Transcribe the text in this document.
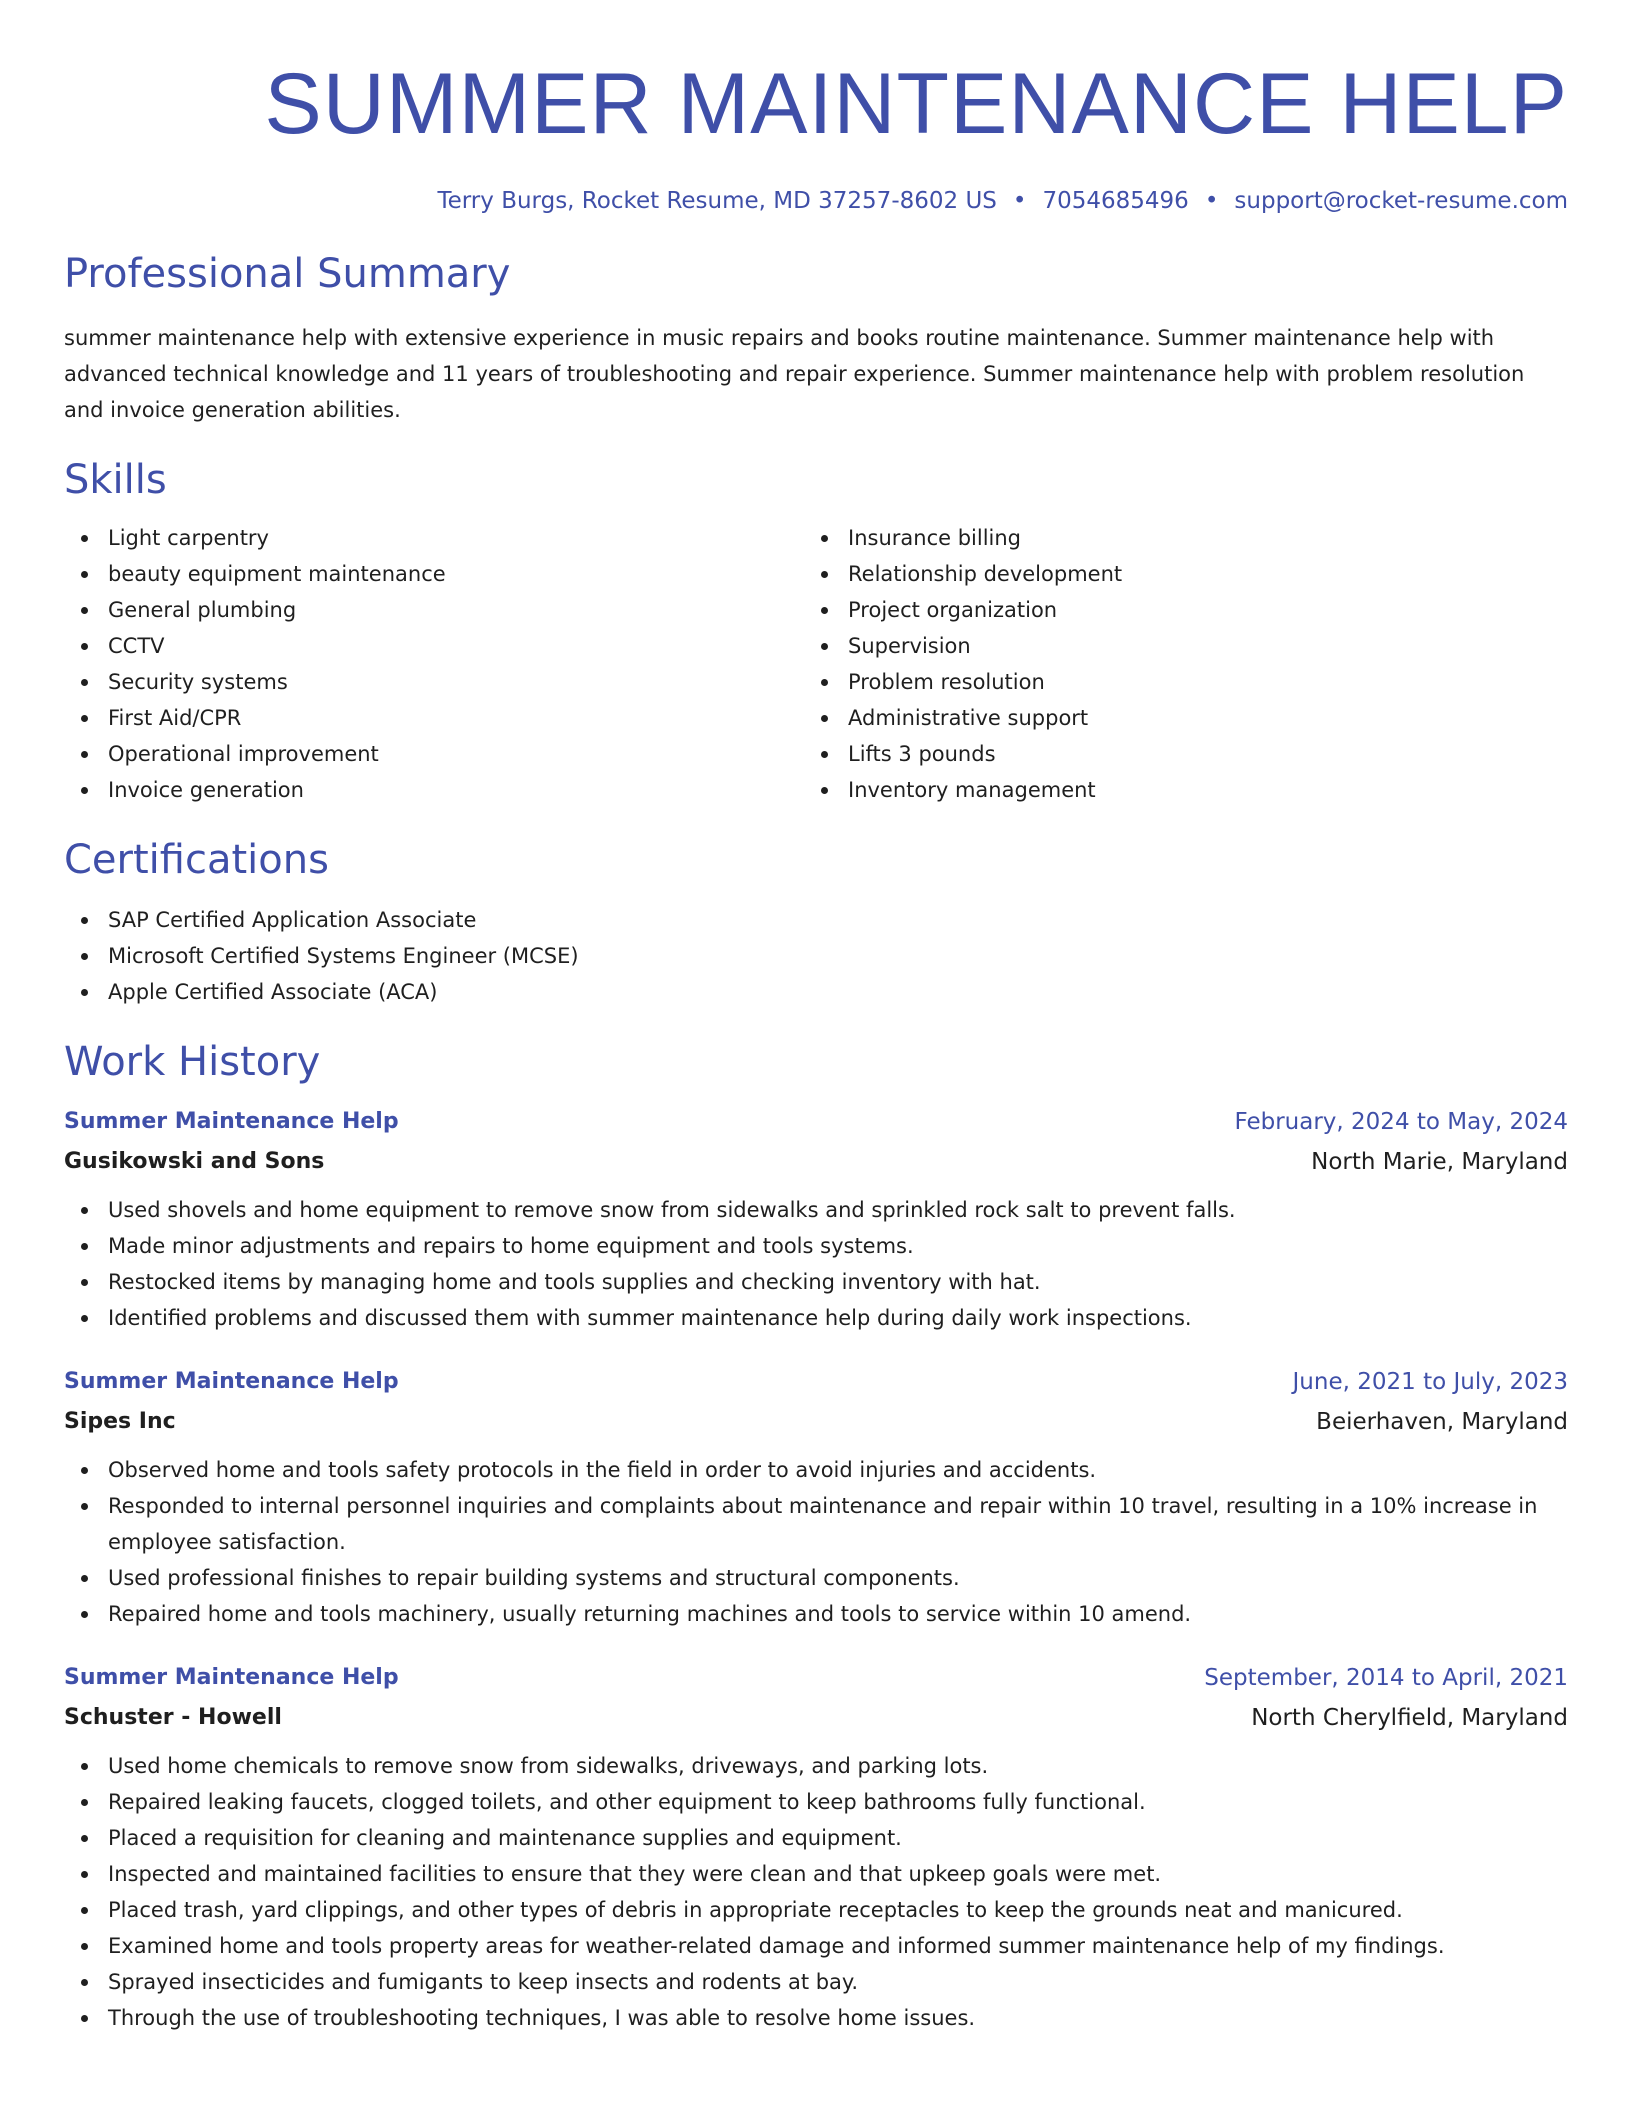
SUMMER MAINTENANCE HELP
Terry Burgs, Rocket Resume, MD 37257-8602 US • 7054685496 • support@rocket-resume.com
Professional Summary

summer maintenance help with extensive experience in music repairs and books routine maintenance. Summer maintenance help with advanced technical knowledge and 11 years of troubleshooting and repair experience. Summer maintenance help with problem resolution and invoice generation abilities.

Skills
Light carpentry
beauty equipment maintenance
General plumbing
CCTV
Security systems
First Aid/CPR
Operational improvement
Invoice generation
Insurance billing
Relationship development
Project organization
Supervision
Problem resolution
Administrative support
Lifts 3 pounds
Inventory management
Certifications
SAP Certified Application Associate
Microsoft Certified Systems Engineer (MCSE)
Apple Certified Associate (ACA)
Work History
Summer Maintenance Help	February, 2024 to May, 2024
Gusikowski and Sons	North Marie, Maryland
Used shovels and home equipment to remove snow from sidewalks and sprinkled rock salt to prevent falls.
Made minor adjustments and repairs to home equipment and tools systems.
Restocked items by managing home and tools supplies and checking inventory with hat.
Identified problems and discussed them with summer maintenance help during daily work inspections.
Summer Maintenance Help	June, 2021 to July, 2023
Sipes Inc	Beierhaven, Maryland
Observed home and tools safety protocols in the field in order to avoid injuries and accidents.
Responded to internal personnel inquiries and complaints about maintenance and repair within 10 travel, resulting in a 10% increase in employee satisfaction.
Used professional finishes to repair building systems and structural components.
Repaired home and tools machinery, usually returning machines and tools to service within 10 amend.
Summer Maintenance Help	September, 2014 to April, 2021
Schuster - Howell	North Cherylfield, Maryland
Used home chemicals to remove snow from sidewalks, driveways, and parking lots.
Repaired leaking faucets, clogged toilets, and other equipment to keep bathrooms fully functional.
Placed a requisition for cleaning and maintenance supplies and equipment.
Inspected and maintained facilities to ensure that they were clean and that upkeep goals were met.
Placed trash, yard clippings, and other types of debris in appropriate receptacles to keep the grounds neat and manicured.
Examined home and tools property areas for weather-related damage and informed summer maintenance help of my findings.
Sprayed insecticides and fumigants to keep insects and rodents at bay.
Through the use of troubleshooting techniques, I was able to resolve home issues.
